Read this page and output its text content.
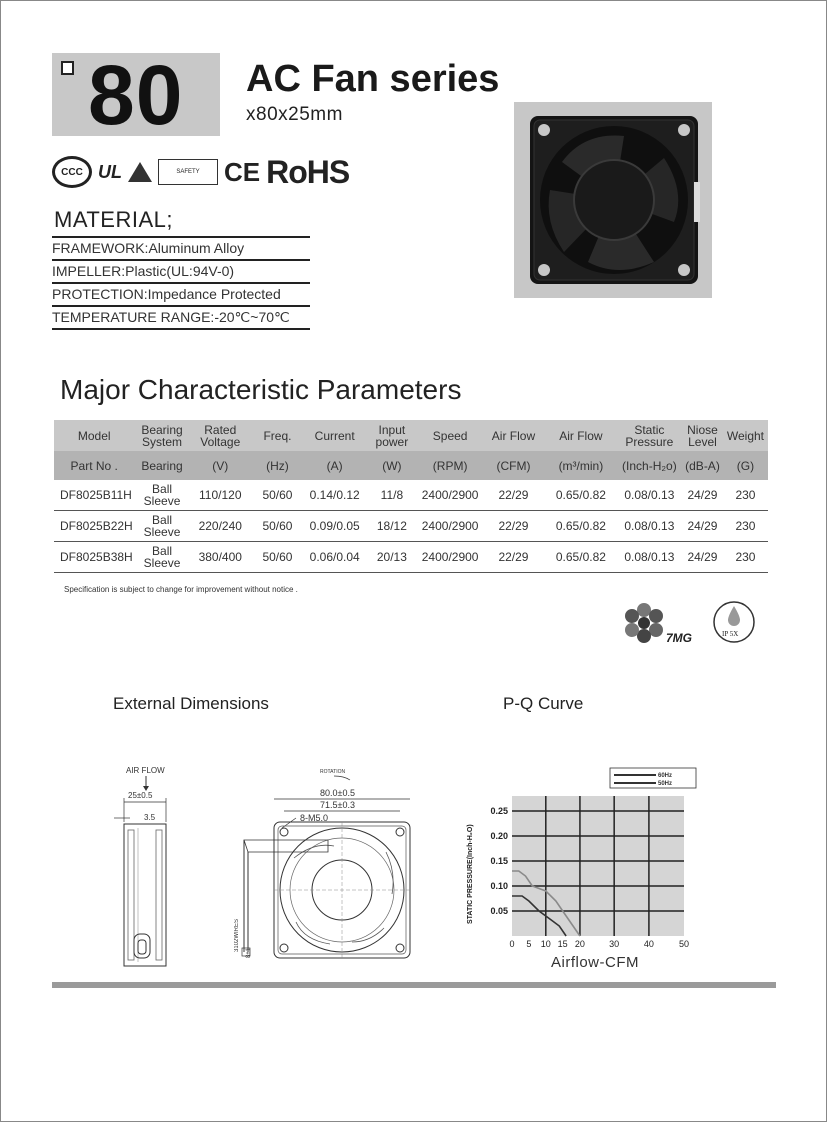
80 AC Fan series
x80x25mm
CCC UL	SAFETY CE RoHS
MATERIAL;
FRAMEWORK:Aluminum Alloy
IMPELLER:Plastic(UL:94V-0)
PROTECTION:Impedance Protected
TEMPERATURE RANGE:-20℃~70℃
Major Characteristic Parameters
Model	Bearing System	Rated Voltage	Freq.	Current	Input power	Speed	Air Flow	Air Flow	Static Pressure	Niose Level	Weight
Part No .	Bearing	(V)	(Hz)	(A)	(W)	(RPM)	(CFM)	(m³/min)	(Inch-H₂o)	(dB-A)	(G)
DF8025B11H	Ball Sleeve	110/120	50/60	0.14/0.12	11/8	2400/2900	22/29	0.65/0.82	0.08/0.13	24/29	230
DF8025B22H	Ball Sleeve	220/240	50/60	0.09/0.05	18/12	2400/2900	22/29	0.65/0.82	0.08/0.13	24/29	230
DF8025B38H	Ball Sleeve	380/400	50/60	0.06/0.04	20/13	2400/2900	22/29	0.65/0.82	0.08/0.13	24/29	230
Specification is subject to change for improvement without notice .
7MG	IP 5X
External Dimensions	P-Q Curve
AIR FLOW
25±0.5
3.5
ROTATION
80.0±0.5
71.5±0.3
8-M5.0
3102WIRES
8±1
60Hz
50Hz
0.05
0.10
0.15
0.20
0.25
0 5 10 15 20	30	40	50
STATIC PRESSURE(Inch-H₂O)
Airflow-CFM
